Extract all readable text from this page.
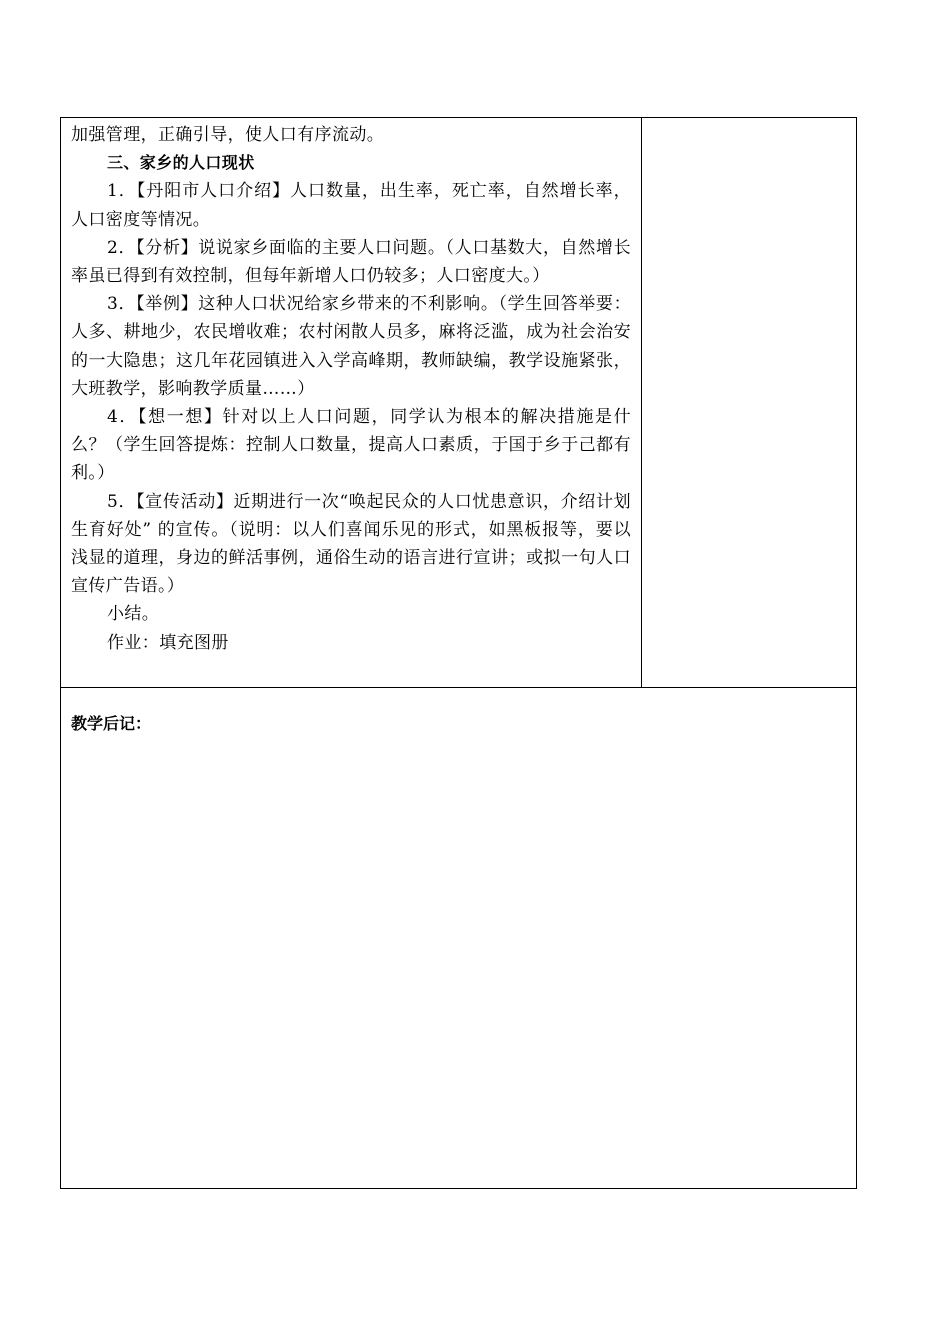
加强管理，正确引导，使人口有序流动。

三、家乡的人口现状

1．【丹阳市人口介绍】人口数量，出生率，死亡率，自然增长率，人口密度等情况。

2．【分析】说说家乡面临的主要人口问题。（人口基数大，自然增长率虽已得到有效控制，但每年新增人口仍较多；人口密度大。）

3．【举例】这种人口状况给家乡带来的不利影响。（学生回答举要：人多、耕地少，农民增收难；农村闲散人员多，麻将泛滥，成为社会治安的一大隐患；这几年花园镇进入入学高峰期，教师缺编，教学设施紧张，大班教学，影响教学质量……）

4．【想一想】针对以上人口问题，同学认为根本的解决措施是什么？（学生回答提炼：控制人口数量，提高人口素质，于国于乡于己都有利。）

5．【宣传活动】近期进行一次“唤起民众的人口忧患意识，介绍计划生育好处” 的宣传。（说明：以人们喜闻乐见的形式，如黑板报等，要以浅显的道理，身边的鲜活事例，通俗生动的语言进行宣讲；或拟一句人口宣传广告语。）

小结。

作业：填充图册

教学后记：
